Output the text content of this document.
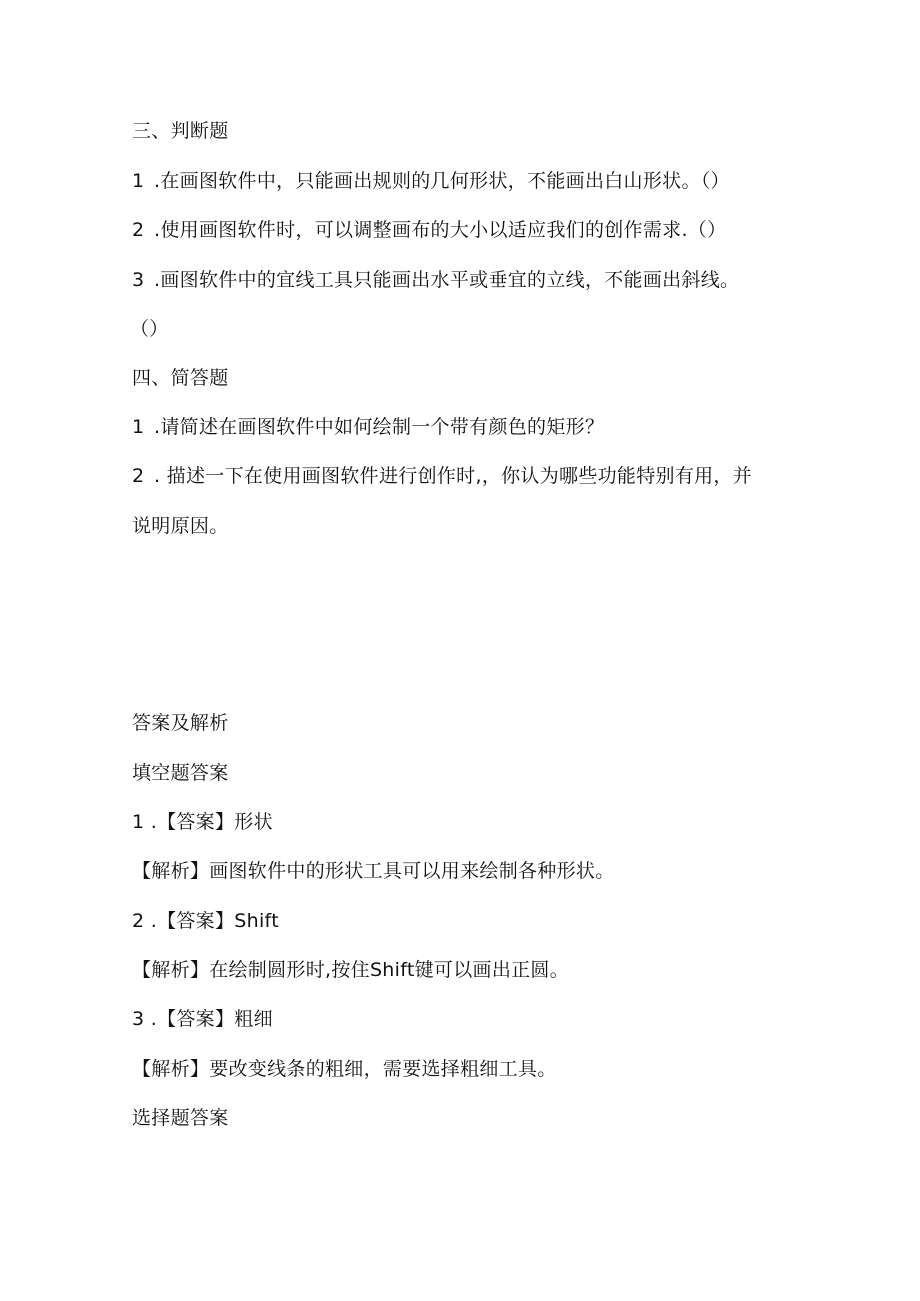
三、判断题
1 .在画图软件中，只能画出规则的几何形状，不能画出白山形状。（）
2 .使用画图软件时，可以调整画布的大小以适应我们的创作需求.（）
3 .画图软件中的宜线工具只能画出水平或垂宜的立线，不能画出斜线。
（）
四、简答题
1 .请简述在画图软件中如何绘制一个带有颜色的矩形？
2 . 描述一下在使用画图软件进行创作时,，你认为哪些功能特别有用，并
说明原因。
答案及解析
填空题答案
1 .【答案】形状
【解析】画图软件中的形状工具可以用来绘制各种形状。
2 .【答案】Shift
【解析】在绘制圆形时,按住Shift键可以画出正圆。
3 .【答案】粗细
【解析】要改变线条的粗细，需要选择粗细工具。
选择题答案
